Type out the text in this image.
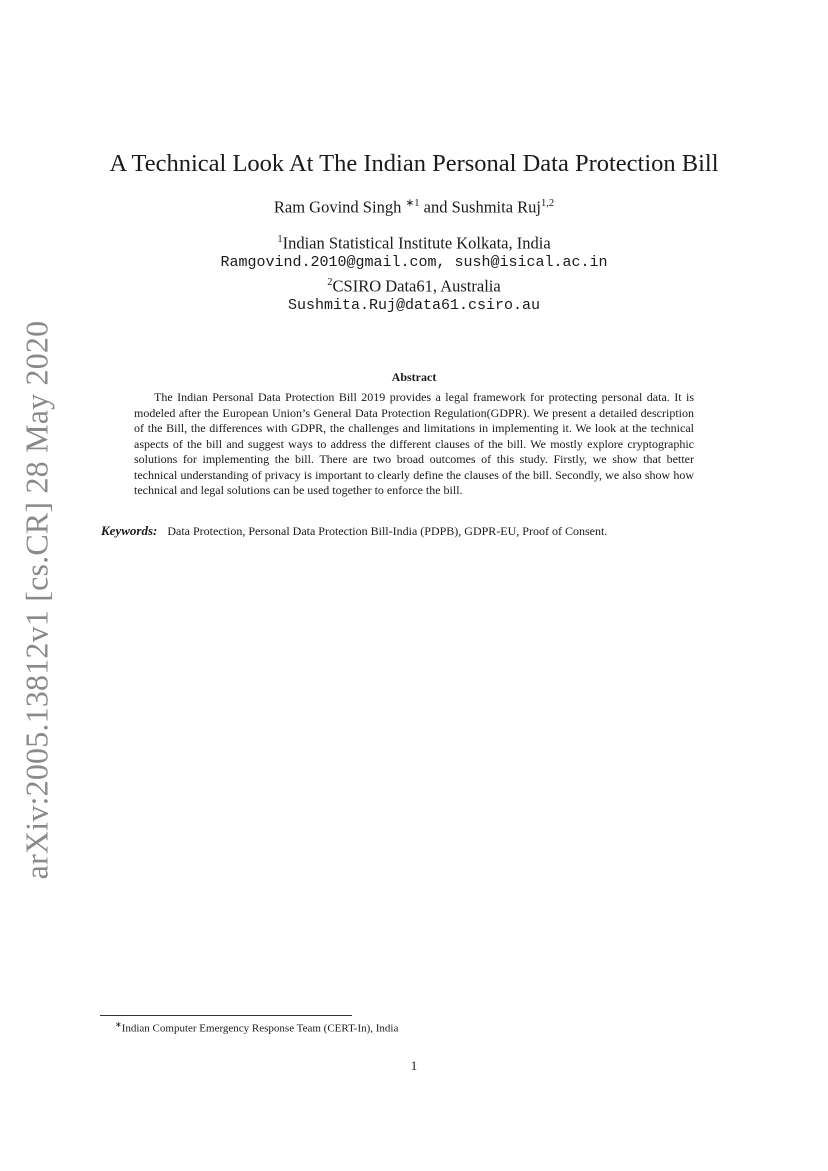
arXiv:2005.13812v1 [cs.CR] 28 May 2020
A Technical Look At The Indian Personal Data Protection Bill
Ram Govind Singh $^{∗1}$ and Sushmita Ruj$^{1,2}$
$^1$Indian Statistical Institute Kolkata, India
Ramgovind.2010@gmail.com, sush@isical.ac.in
$^2$CSIRO Data61, Australia
Sushmita.Ruj@data61.csiro.au
Abstract

The Indian Personal Data Protection Bill 2019 provides a legal framework for protecting personal data. It is modeled after the European Union’s General Data Protection Regulation(GDPR). We present a detailed description of the Bill, the differences with GDPR, the challenges and limitations in implementing it. We look at the technical aspects of the bill and suggest ways to address the different clauses of the bill. We mostly explore cryptographic solutions for implementing the bill. There are two broad outcomes of this study. Firstly, we show that better technical understanding of privacy is important to clearly define the clauses of the bill. Secondly, we also show how technical and legal solutions can be used together to enforce the bill.

Keywords: Data Protection, Personal Data Protection Bill-India (PDPB), GDPR-EU, Proof of Consent.
∗Indian Computer Emergency Response Team (CERT-In), India
1
